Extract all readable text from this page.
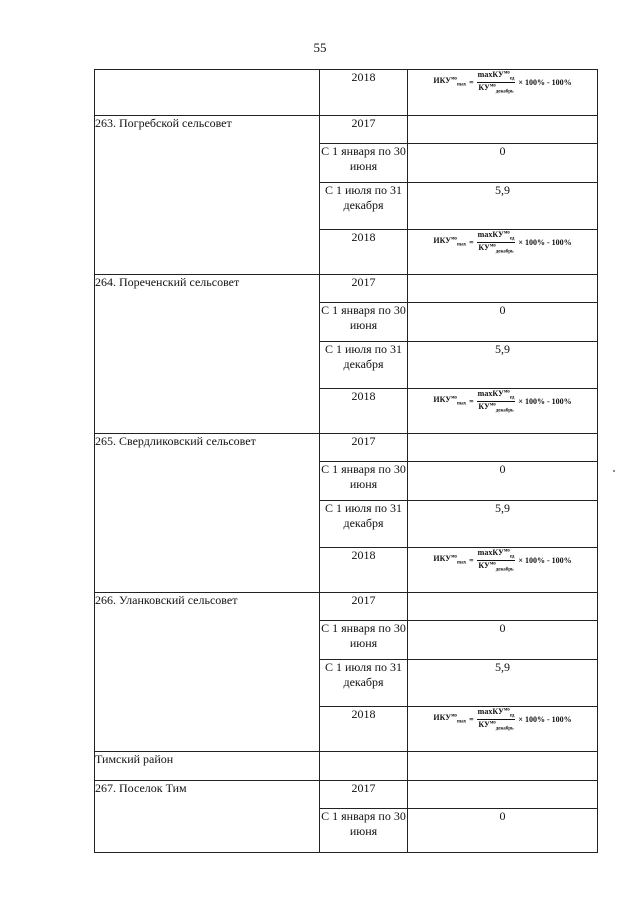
55
	2018	$ИКУ^{мо}_{max} = \frac{\max КУ^{мо}_{ед}}{КУ^{мо}_{декабрь}} \times 100\% - 100\%$

263. Погребской сельсовет	2017	
	С 1 января по 30 июня	0
	С 1 июля по 31 декабря	5,9
	2018	$ИКУ^{мо}_{max} = \frac{\max КУ^{мо}_{ед}}{КУ^{мо}_{декабрь}} \times 100\% - 100\%$

264. Пореченский сельсовет	2017	
	С 1 января по 30 июня	0
	С 1 июля по 31 декабря	5,9
	2018	$ИКУ^{мо}_{max} = \frac{\max КУ^{мо}_{ед}}{КУ^{мо}_{декабрь}} \times 100\% - 100\%$

265. Свердликовский сельсовет	2017	
	С 1 января по 30 июня	0
	С 1 июля по 31 декабря	5,9
	2018	$ИКУ^{мо}_{max} = \frac{\max КУ^{мо}_{ед}}{КУ^{мо}_{декабрь}} \times 100\% - 100\%$

266. Уланковский сельсовет	2017	
	С 1 января по 30 июня	0
	С 1 июля по 31 декабря	5,9
	2018	$ИКУ^{мо}_{max} = \frac{\max КУ^{мо}_{ед}}{КУ^{мо}_{декабрь}} \times 100\% - 100\%$

Тимский район		
267. Поселок Тим	2017	
	С 1 января по 30 июня	0
